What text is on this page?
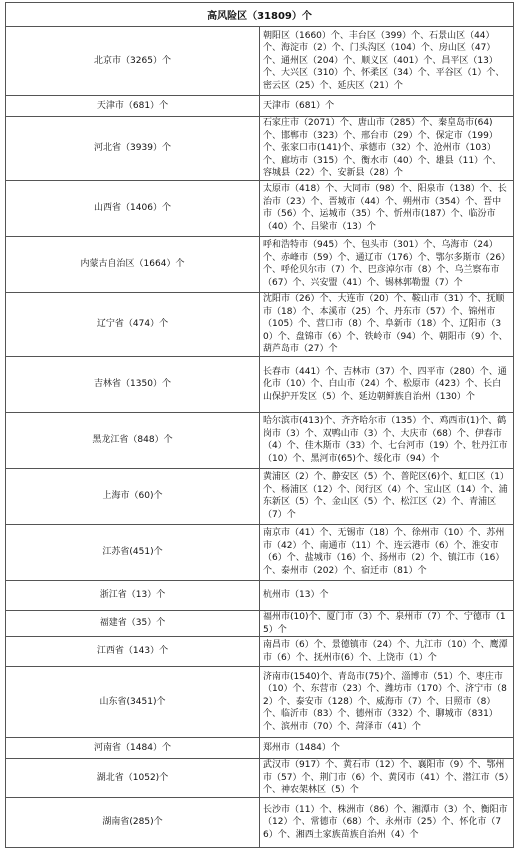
高风险区（31809）个	
北京市（3265）个	朝阳区（1660）个、丰台区（399）个、石景山区（44）个、海淀市（2）个、门头沟区（104）个、房山区（47）个、通州区（204）个、顺义区（401）个、昌平区（13）个、大兴区（310）个、怀柔区（34）个、平谷区（1）个、密云区（25）个、延庆区（21）个
天津市（681）个	天津市（681）个
河北省（3939）个	石家庄市（2071）个、唐山市（285）个、秦皇岛市(64)个、邯郸市（323）个、邢台市（29）个、保定市（199）个、张家口市(141)个、承德市（32）个、沧州市（103）个、廊坊市（315）个、衡水市（40）个、雄县（11）个、容城县（22）个、安新县（28）个
山西省（1406）个	太原市（418）个、大同市（98）个、阳泉市（138）个、长治市（23）个、晋城市（44）个、朔州市（354）个、晋中市（56）个、运城市（35）个、忻州市(187）个、临汾市（40）个、吕梁市（13）个
内蒙古自治区（1664）个	呼和浩特市（945）个、包头市（301）个、乌海市（24）个、赤峰市（59）个、通辽市（176）个、鄂尔多斯市（26）个、呼伦贝尔市（7）个、巴彦淖尔市（8）个、乌兰察布市（67）个、兴安盟（41）个、锡林郭勒盟（7）个
辽宁省（474）个	沈阳市（26）个、大连市（20）个、鞍山市（31）个、抚顺市（18）个、本溪市（25）个、丹东市（57）个、锦州市（105）个、营口市（8）个、阜新市（18）个、辽阳市（30）个、盘锦市（6）个、铁岭市（94）个、朝阳市（9）个、葫芦岛市（27）个
吉林省（1350）个	长春市（441）个、吉林市（37）个、四平市（280）个、通化市（10）个、白山市（24）个、松原市（423）个、长白山保护开发区（5）个、延边朝鲜族自治州（130）个
黑龙江省（848）个	哈尔滨市(413)个、齐齐哈尔市（135）个、鸡西市(1)个、鹤岗市（3）个、双鸭山市（3）个、大庆市（68）个、伊春市（4）个、佳木斯市（33）个、七台河市（19）个、牡丹江市（10）个、黑河市(65)个、绥化市（94）个
上海市（60)个	黄浦区（2）个、静安区（5）个、普陀区(6)个、虹口区（1）个、杨浦区（12）个、闵行区（4）个、宝山区（14）个、浦东新区（5）个、金山区（5）个、松江区（2）个、青浦区（7）个
江苏省(451)个	南京市（41）个、无锡市（18）个、徐州市（10）个、苏州市（42）个、南通市（11）个、连云港市（6）个、淮安市（6）个、盐城市（16）个、扬州市（2）个、镇江市（16）个、泰州市（202）个、宿迁市（81）个
浙江省（13）个	杭州市（13）个
福建省（35）个	福州市(10)个、厦门市（3）个、泉州市（7）个、宁德市（15）个
江西省（143）个	南昌市（6）个、景德镇市（24）个、九江市（10）个、鹰潭市（6）个、抚州市(6）个、上饶市（1）个
山东省(3451)个	济南市(1540)个、青岛市(75)个、淄博市（51）个、枣庄市（10）个、东营市（23）个、潍坊市（170）个、济宁市（82）个、泰安市（128）个、威海市（7）个、日照市（8）个、临沂市（83）个、德州市（332）个、聊城市（831）个、滨州市（70）个、菏泽市（41）个
河南省（1484）个	郑州市（1484）个
湖北省（1052)个	武汉市（917）个、黄石市（12）个、襄阳市（9）个、鄂州市（57）个、荆门市（6）个、黄冈市（41）个、潜江市（5）个、神农架林区（5）个
湖南省(285)个	长沙市（11）个、株洲市（86）个、湘潭市（3）个、衡阳市（12）个、常德市（68）个、永州市（25）个、怀化市（76）个、湘西土家族苗族自治州（4）个
